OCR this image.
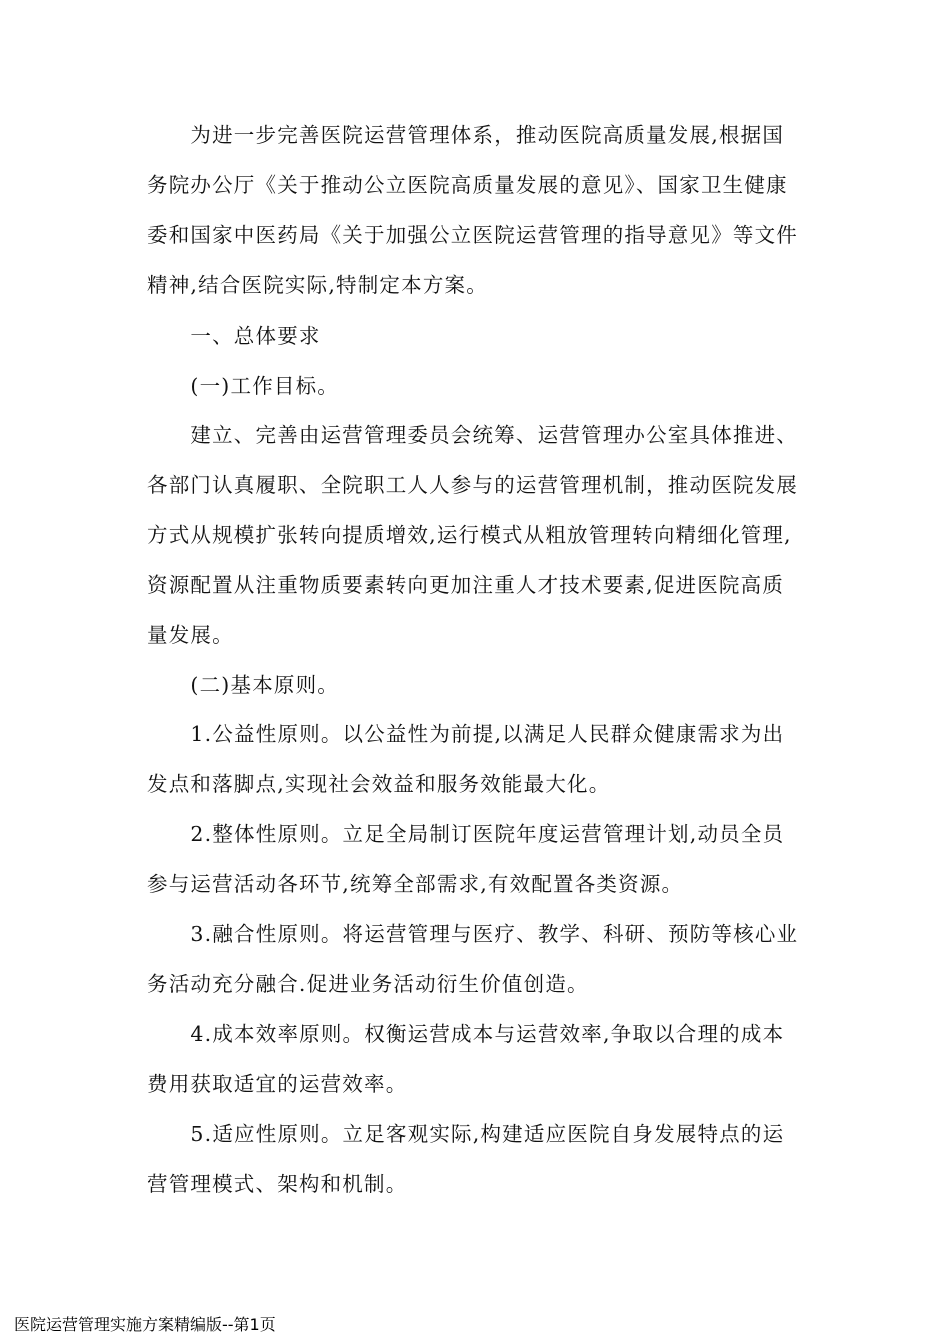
　　为进一步完善医院运营管理体系，推动医院高质量发展,根据国
务院办公厅《关于推动公立医院高质量发展的意见》、国家卫生健康
委和国家中医药局《关于加强公立医院运营管理的指导意见》等文件
精神,结合医院实际,特制定本方案。
　　一、总体要求
　　(一)工作目标。
　　建立、完善由运营管理委员会统筹、运营管理办公室具体推进、
各部门认真履职、全院职工人人参与的运营管理机制，推动医院发展
方式从规模扩张转向提质增效,运行模式从粗放管理转向精细化管理,
资源配置从注重物质要素转向更加注重人才技术要素,促进医院高质
量发展。
　　(二)基本原则。
　　1.公益性原则。以公益性为前提,以满足人民群众健康需求为出
发点和落脚点,实现社会效益和服务效能最大化。
　　2.整体性原则。立足全局制订医院年度运营管理计划,动员全员
参与运营活动各环节,统筹全部需求,有效配置各类资源。
　　3.融合性原则。将运营管理与医疗、教学、科研、预防等核心业
务活动充分融合.促进业务活动衍生价值创造。
　　4.成本效率原则。权衡运营成本与运营效率,争取以合理的成本
费用获取适宜的运营效率。
　　5.适应性原则。立足客观实际,构建适应医院自身发展特点的运
营管理模式、架构和机制。
医院运营管理实施方案精编版--第1页
